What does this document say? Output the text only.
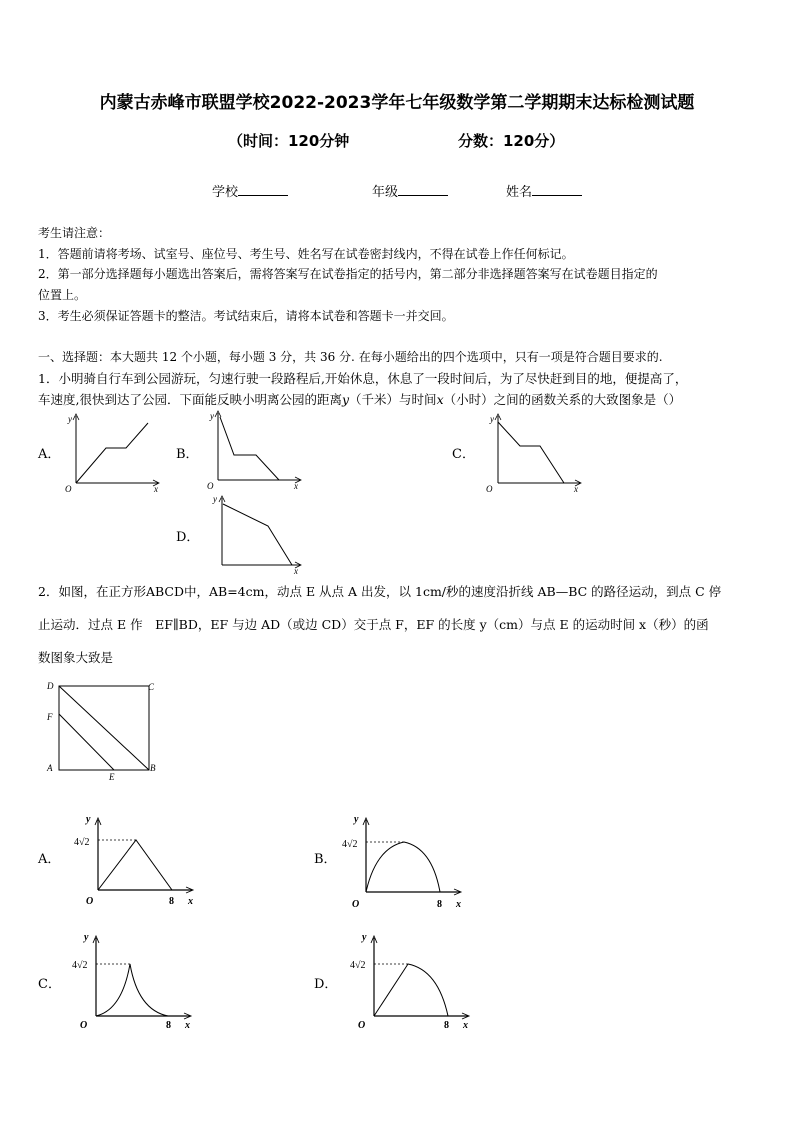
内蒙古赤峰市联盟学校2022-2023学年七年级数学第二学期期末达标检测试题
（时间：120分钟	分数：120分）
学校	年级	姓名
考生请注意：
1．答题前请将考场、试室号、座位号、考生号、姓名写在试卷密封线内，不得在试卷上作任何标记。
2．第一部分选择题每小题选出答案后，需将答案写在试卷指定的括号内，第二部分非选择题答案写在试卷题目指定的
位置上。
3．考生必须保证答题卡的整洁。考试结束后，请将本试卷和答题卡一并交回。
一、选择题：本大题共 12 个小题，每小题 3 分，共 36 分. 在每小题给出的四个选项中，只有一项是符合题目要求的.
1．小明骑自行车到公园游玩，匀速行驶一段路程后,开始休息，休息了一段时间后，为了尽快赶到目的地，便提高了，
车速度,很快到达了公园．下面能反映小明离公园的距离y（千米）与时间x（小时）之间的函数关系的大致图象是（）
A．	B．	C．
D．
y
x
O
y
x
O
y
x
O
y
x
2．如图，在正方形ABCD中，AB=4cm，动点 E 从点 A 出发，以 1cm/秒的速度沿折线 AB—BC 的路径运动，到点 C 停
止运动．过点 E 作　EF∥BD，EF 与边 AD（或边 CD）交于点 F，EF 的长度 y（cm）与点 E 的运动时间 x（秒）的函
数图象大致是
D	C
F
A
E
B
A．	B．
C．	D．
y
4√2
O	8 x
y
4√2
O	8 x
y
4√2
O	8 x
y
4√2
O	8 x
